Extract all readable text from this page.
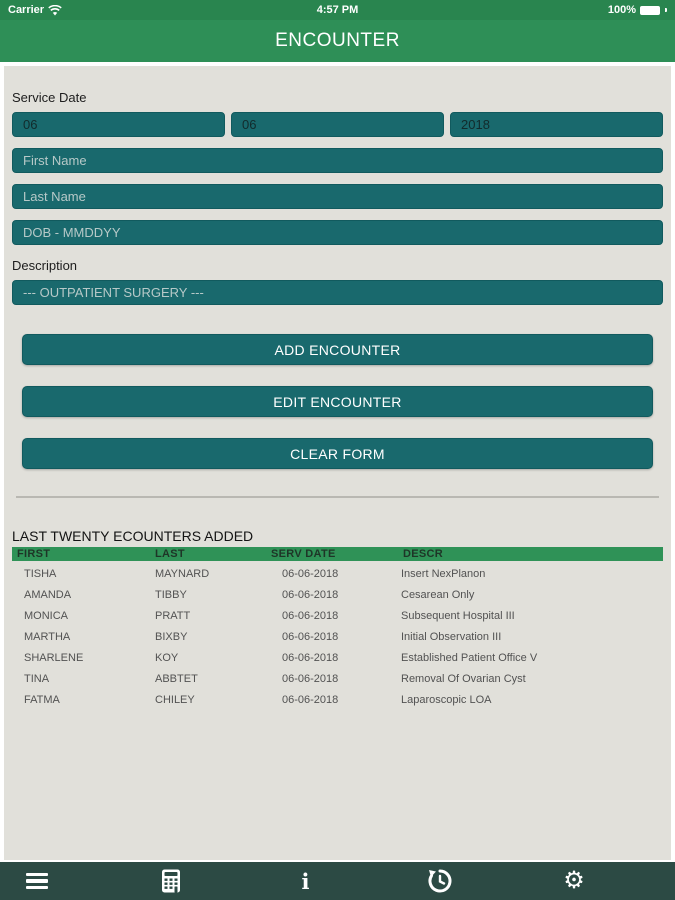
Carrier	4:57 PM	100%
ENCOUNTER
Service Date
06
06
2018
First Name
Last Name
DOB - MMDDYY
Description
--- OUTPATIENT SURGERY ---
ADD ENCOUNTER EDIT ENCOUNTER CLEAR FORM
LAST TWENTY ECOUNTERS ADDED
FIRST	LAST	SERV DATE	DESCR
TISHA	MAYNARD	06-06-2018	Insert NexPlanon
AMANDA	TIBBY	06-06-2018	Cesarean Only
MONICA	PRATT	06-06-2018	Subsequent Hospital III
MARTHA	BIXBY	06-06-2018	Initial Observation III
SHARLENE	KOY	06-06-2018	Established Patient Office V
TINA	ABBTET	06-06-2018	Removal Of Ovarian Cyst
FATMA	CHILEY	06-06-2018	Laparoscopic LOA
i	⚙
